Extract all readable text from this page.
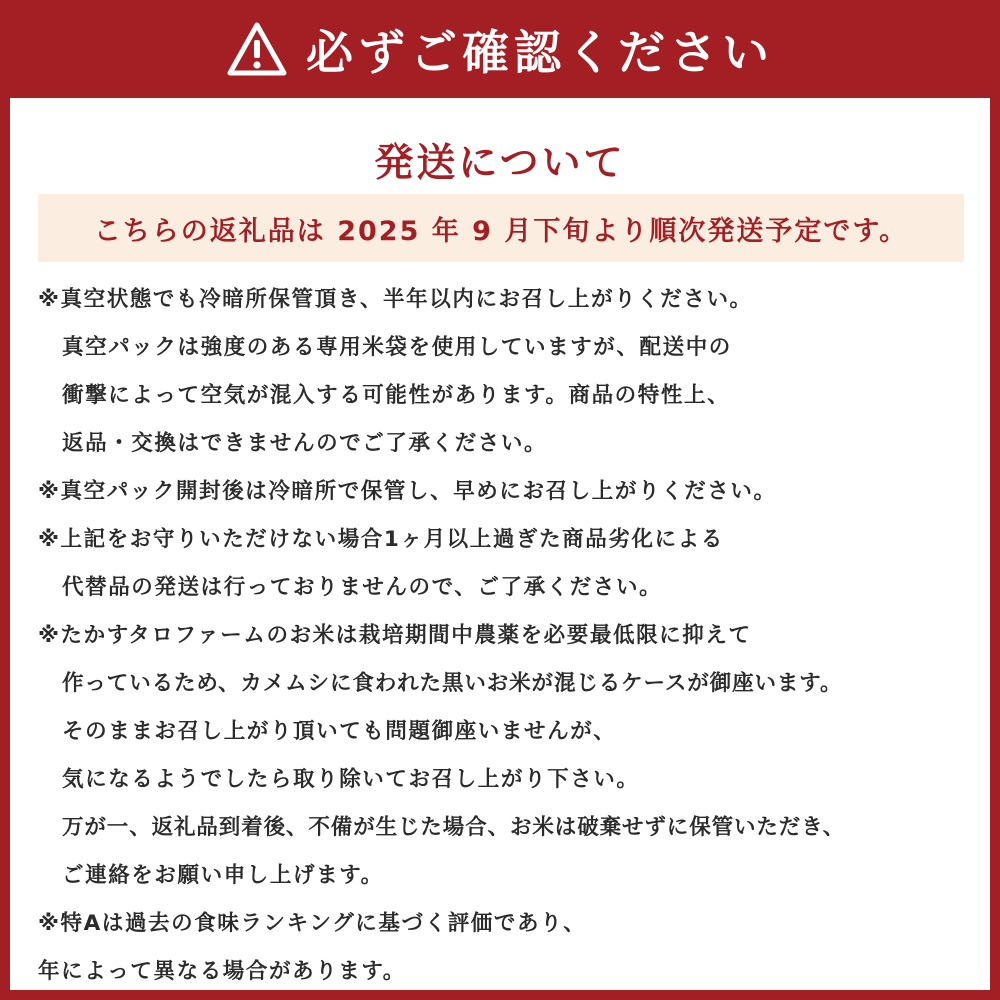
必ずご確認ください
発送について
こちらの返礼品は 2025 年 9 月下旬より順次発送予定です。
※真空状態でも冷暗所保管頂き、半年以内にお召し上がりください。
真空パックは強度のある専用米袋を使用していますが、配送中の
衝撃によって空気が混入する可能性があります。商品の特性上、
返品・交換はできませんのでご了承ください。
※真空パック開封後は冷暗所で保管し、早めにお召し上がりください。
※上記をお守りいただけない場合1ヶ月以上過ぎた商品劣化による
代替品の発送は行っておりませんので、ご了承ください。
※たかすタロファームのお米は栽培期間中農薬を必要最低限に抑えて
作っているため、カメムシに食われた黒いお米が混じるケースが御座います。
そのままお召し上がり頂いても問題御座いませんが、
気になるようでしたら取り除いてお召し上がり下さい。
万が一、返礼品到着後、不備が生じた場合、お米は破棄せずに保管いただき、
ご連絡をお願い申し上げます。
※特Aは過去の食味ランキングに基づく評価であり、
年によって異なる場合があります。
